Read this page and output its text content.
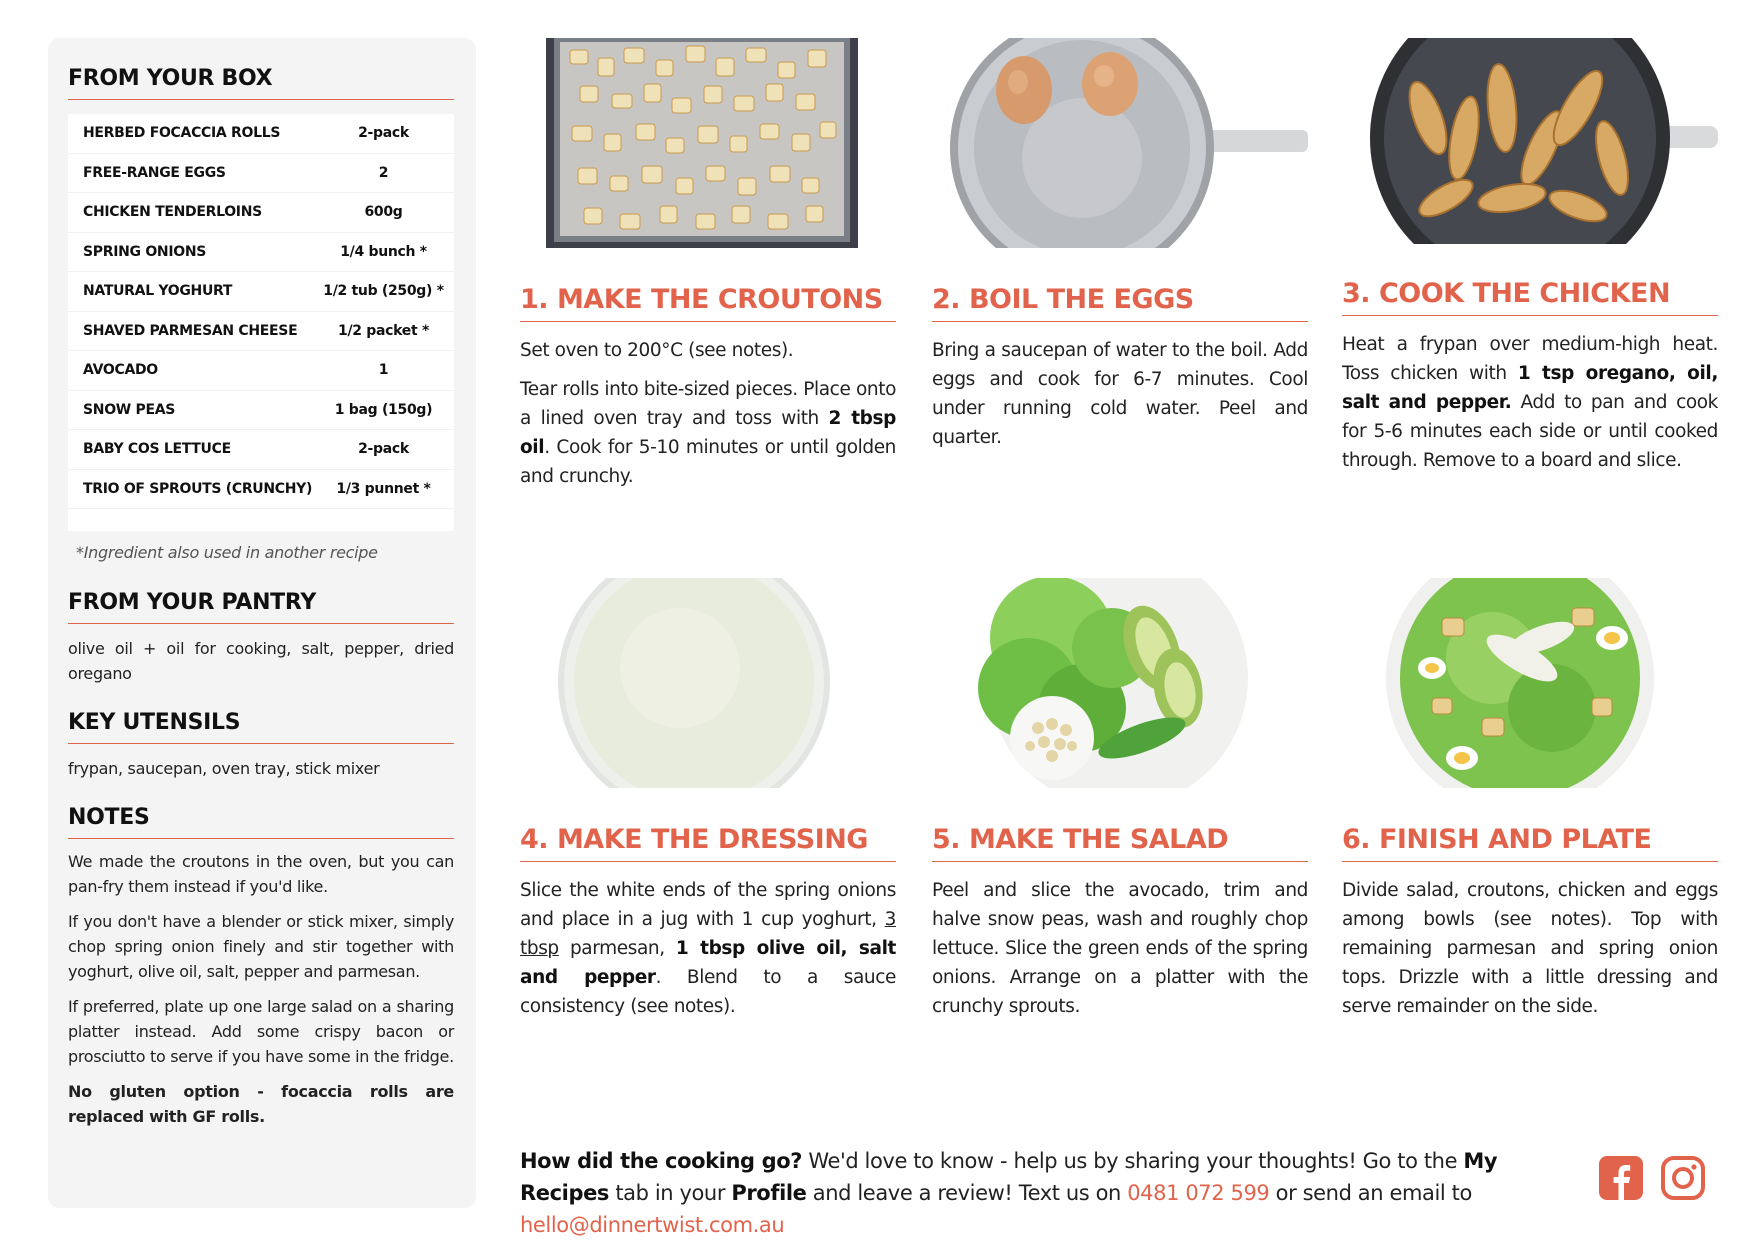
FROM YOUR BOX
HERBED FOCACCIA ROLLS	2-pack
FREE-RANGE EGGS	2
CHICKEN TENDERLOINS	600g
SPRING ONIONS	1/4 bunch *
NATURAL YOGHURT	1/2 tub (250g) *
SHAVED PARMESAN CHEESE	1/2 packet *
AVOCADO	1
SNOW PEAS	1 bag (150g)
BABY COS LETTUCE	2-pack
TRIO OF SPROUTS (CRUNCHY)	1/3 punnet *
*Ingredient also used in another recipe
FROM YOUR PANTRY

olive oil + oil for cooking, salt, pepper, dried oregano

KEY UTENSILS

frypan, saucepan, oven tray, stick mixer

NOTES

We made the croutons in the oven, but you can pan-fry them instead if you'd like.

If you don't have a blender or stick mixer, simply chop spring onion finely and stir together with yoghurt, olive oil, salt, pepper and parmesan.

If preferred, plate up one large salad on a sharing platter instead. Add some crispy bacon or prosciutto to serve if you have some in the fridge.

No gluten option - focaccia rolls are replaced with GF rolls.

1. MAKE THE CROUTONS

Set oven to 200°C (see notes).

Tear rolls into bite-sized pieces. Place onto a lined oven tray and toss with 2 tbsp oil. Cook for 5-10 minutes or until golden and crunchy.

2. BOIL THE EGGS

Bring a saucepan of water to the boil. Add eggs and cook for 6-7 minutes. Cool under running cold water. Peel and quarter.

3. COOK THE CHICKEN

Heat a frypan over medium-high heat. Toss chicken with 1 tsp oregano, oil, salt and pepper. Add to pan and cook for 5-6 minutes each side or until cooked through. Remove to a board and slice.

4. MAKE THE DRESSING

Slice the white ends of the spring onions and place in a jug with 1 cup yoghurt, 3 tbsp parmesan, 1 tbsp olive oil, salt and pepper. Blend to a sauce consistency (see notes).

5. MAKE THE SALAD

Peel and slice the avocado, trim and halve snow peas, wash and roughly chop lettuce. Slice the green ends of the spring onions. Arrange on a platter with the crunchy sprouts.

6. FINISH AND PLATE

Divide salad, croutons, chicken and eggs among bowls (see notes). Top with remaining parmesan and spring onion tops. Drizzle with a little dressing and serve remainder on the side.

How did the cooking go? We'd love to know - help us by sharing your thoughts! Go to the My Recipes tab in your Profile and leave a review! Text us on 0481 072 599 or send an email to hello@dinnertwist.com.au
